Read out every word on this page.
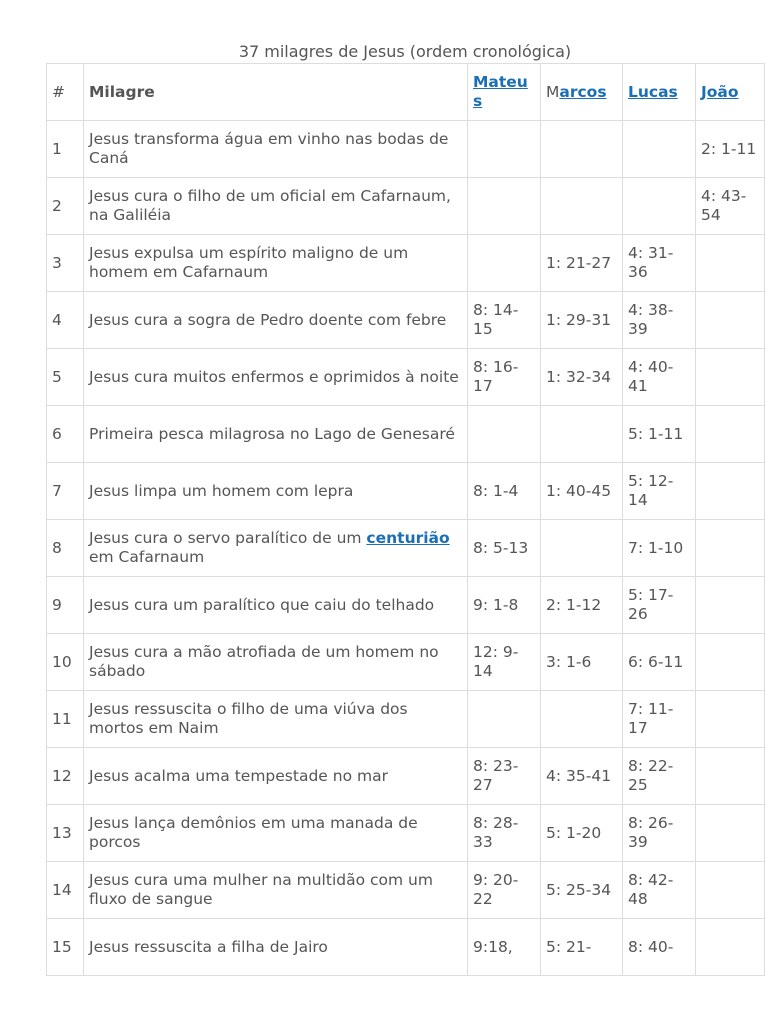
37 milagres de Jesus (ordem cronológica)
#	Milagre	Mateus	Marcos	Lucas	João
1	Jesus transforma água em vinho nas bodas de Caná				2: 1-11
2	Jesus cura o filho de um oficial em Cafarnaum, na Galiléia				4: 43-54
3	Jesus expulsa um espírito maligno de um homem em Cafarnaum		1: 21-27	4: 31-36	
4	Jesus cura a sogra de Pedro doente com febre	8: 14-15	1: 29-31	4: 38-39	
5	Jesus cura muitos enfermos e oprimidos à noite	8: 16-17	1: 32-34	4: 40-41	
6	Primeira pesca milagrosa no Lago de Genesaré			5: 1-11	
7	Jesus limpa um homem com lepra	8: 1-4	1: 40-45	5: 12-14	
8	Jesus cura o servo paralítico de um centurião em Cafarnaum	8: 5-13		7: 1-10	
9	Jesus cura um paralítico que caiu do telhado	9: 1-8	2: 1-12	5: 17-26	
10	Jesus cura a mão atrofiada de um homem no sábado	12: 9-14	3: 1-6	6: 6-11	
11	Jesus ressuscita o filho de uma viúva dos mortos em Naim			7: 11-17	
12	Jesus acalma uma tempestade no mar	8: 23-27	4: 35-41	8: 22-25	
13	Jesus lança demônios em uma manada de porcos	8: 28-33	5: 1-20	8: 26-39	
14	Jesus cura uma mulher na multidão com um fluxo de sangue	9: 20-22	5: 25-34	8: 42-48	
15	Jesus ressuscita a filha de Jairo	9:18,	5: 21-	8: 40-	
